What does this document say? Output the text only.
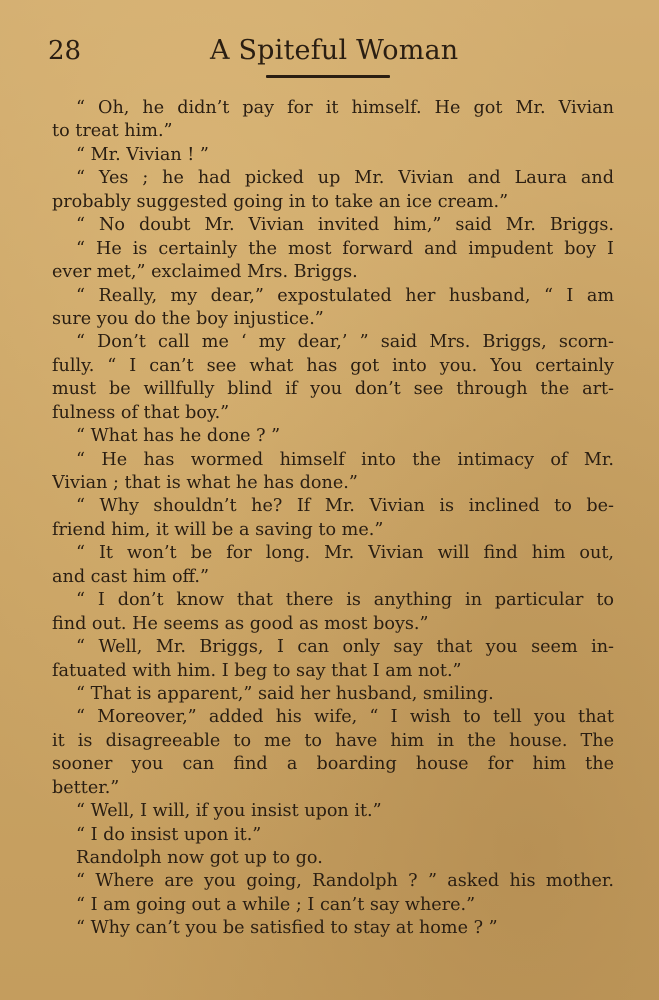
28	A Spiteful Woman
“ Oh, he didn’t pay for it himself. He got Mr. Vivian
to treat him.”
“ Mr. Vivian ! ”
“ Yes ; he had picked up Mr. Vivian and Laura and
probably suggested going in to take an ice cream.”
“ No doubt Mr. Vivian invited him,” said Mr. Briggs.
“ He is certainly the most forward and impudent boy I
ever met,” exclaimed Mrs. Briggs.
“ Really, my dear,” expostulated her husband, “ I am
sure you do the boy injustice.”
“ Don’t call me ‘ my dear,’ ” said Mrs. Briggs, scorn-
fully. “ I can’t see what has got into you. You certainly
must be willfully blind if you don’t see through the art-
fulness of that boy.”
“ What has he done ? ”
“ He has wormed himself into the intimacy of Mr.
Vivian ; that is what he has done.”
“ Why shouldn’t he? If Mr. Vivian is inclined to be-
friend him, it will be a saving to me.”
“ It won’t be for long. Mr. Vivian will find him out,
and cast him off.”
“ I don’t know that there is anything in particular to
find out. He seems as good as most boys.”
“ Well, Mr. Briggs, I can only say that you seem in-
fatuated with him. I beg to say that I am not.”
“ That is apparent,” said her husband, smiling.
“ Moreover,” added his wife, “ I wish to tell you that
it is disagreeable to me to have him in the house. The
sooner you can find a boarding house for him the
better.”
“ Well, I will, if you insist upon it.”
“ I do insist upon it.”
Randolph now got up to go.
“ Where are you going, Randolph ? ” asked his mother.
“ I am going out a while ; I can’t say where.”
“ Why can’t you be satisfied to stay at home ? ”
